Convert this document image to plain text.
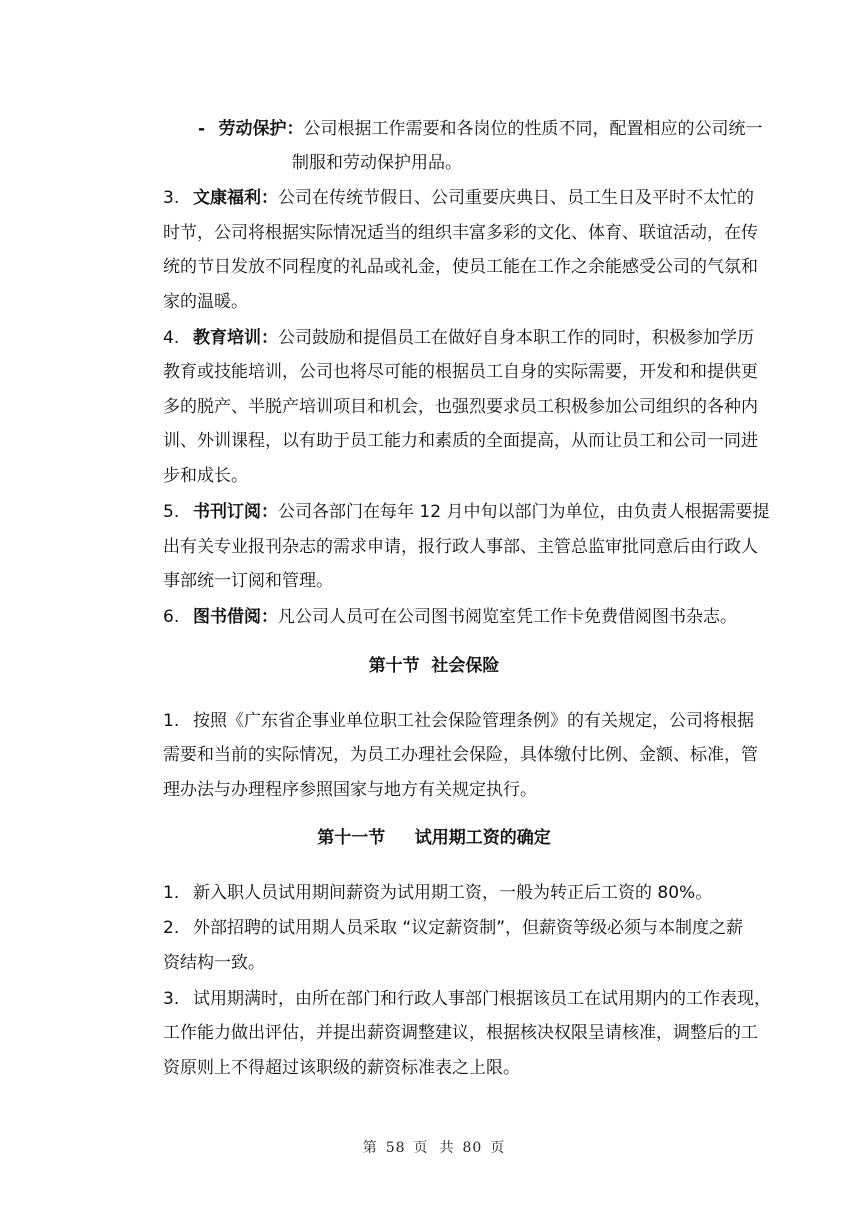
- 劳动保护：公司根据工作需要和各岗位的性质不同，配置相应的公司统一
制服和劳动保护用品。
3. 文康福利：公司在传统节假日、公司重要庆典日、员工生日及平时不太忙的
时节，公司将根据实际情况适当的组织丰富多彩的文化、体育、联谊活动，在传
统的节日发放不同程度的礼品或礼金，使员工能在工作之余能感受公司的气氛和
家的温暖。
4. 教育培训：公司鼓励和提倡员工在做好自身本职工作的同时，积极参加学历
教育或技能培训，公司也将尽可能的根据员工自身的实际需要，开发和和提供更
多的脱产、半脱产培训项目和机会，也强烈要求员工积极参加公司组织的各种内
训、外训课程，以有助于员工能力和素质的全面提高，从而让员工和公司一同进
步和成长。
5. 书刊订阅：公司各部门在每年 12 月中旬以部门为单位，由负责人根据需要提
出有关专业报刊杂志的需求申请，报行政人事部、主管总监审批同意后由行政人
事部统一订阅和管理。
6. 图书借阅：凡公司人员可在公司图书阅览室凭工作卡免费借阅图书杂志。
第十节  社会保险
1. 按照《广东省企事业单位职工社会保险管理条例》的有关规定，公司将根据
需要和当前的实际情况，为员工办理社会保险，具体缴付比例、金额、标准，管
理办法与办理程序参照国家与地方有关规定执行。
第十一节     试用期工资的确定
1. 新入职人员试用期间薪资为试用期工资，一般为转正后工资的 80%。
2. 外部招聘的试用期人员采取 “议定薪资制”，但薪资等级必须与本制度之薪
资结构一致。
3. 试用期满时，由所在部门和行政人事部门根据该员工在试用期内的工作表现，
工作能力做出评估，并提出薪资调整建议，根据核决权限呈请核准，调整后的工
资原则上不得超过该职级的薪资标准表之上限。
第 58 页  共 80 页
